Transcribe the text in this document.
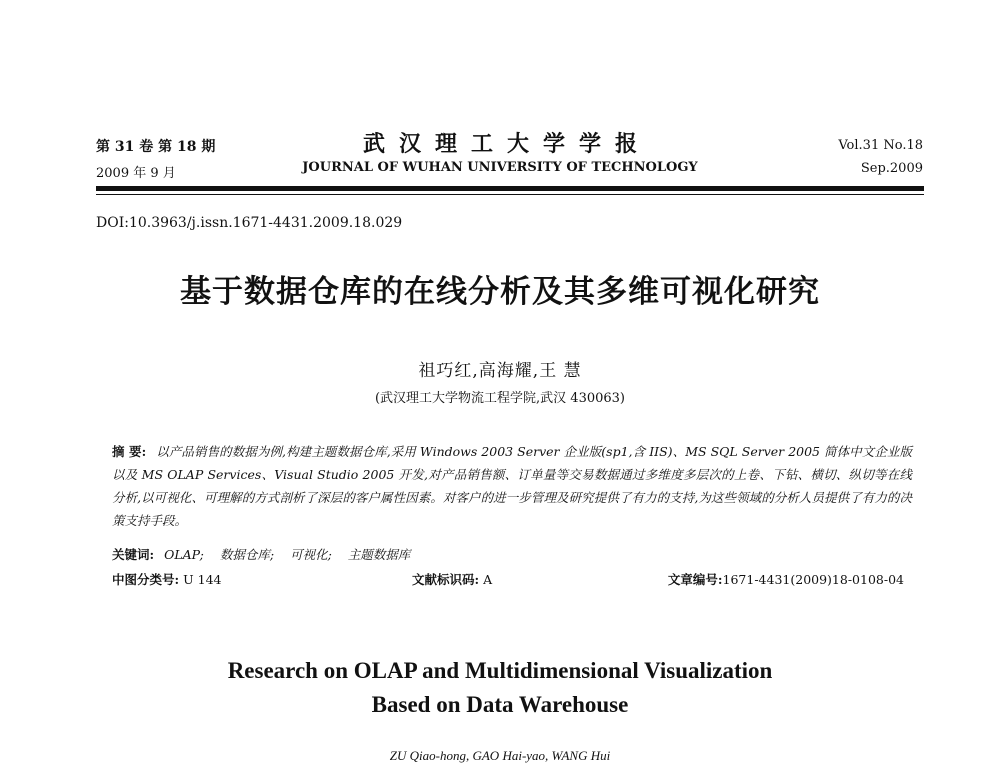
第 31 卷 第 18 期
2009 年 9 月
武汉理工大学学报
JOURNAL OF WUHAN UNIVERSITY OF TECHNOLOGY
Vol.31 No.18
Sep.2009
DOI:10.3963/j.issn.1671-4431.2009.18.029
基于数据仓库的在线分析及其多维可视化研究
祖巧红,高海耀,王 慧
(武汉理工大学物流工程学院,武汉 430063)
摘 要: 以产品销售的数据为例,构建主题数据仓库,采用 Windows 2003 Server 企业版(sp1,含 IIS)、MS SQL Server 2005 简体中文企业版以及 MS OLAP Services、Visual Studio 2005 开发,对产品销售额、订单量等交易数据通过多维度多层次的上卷、下钻、横切、纵切等在线分析,以可视化、可理解的方式剖析了深层的客户属性因素。对客户的进一步管理及研究提供了有力的支持,为这些领域的分析人员提供了有力的决策支持手段。
关键词: OLAP; 数据仓库; 可视化; 主题数据库
中图分类号: U 144	文献标识码: A	文章编号:1671-4431(2009)18-0108-04
Research on OLAP and Multidimensional Visualization
Based on Data Warehouse
ZU Qiao-hong, GAO Hai-yao, WANG Hui
